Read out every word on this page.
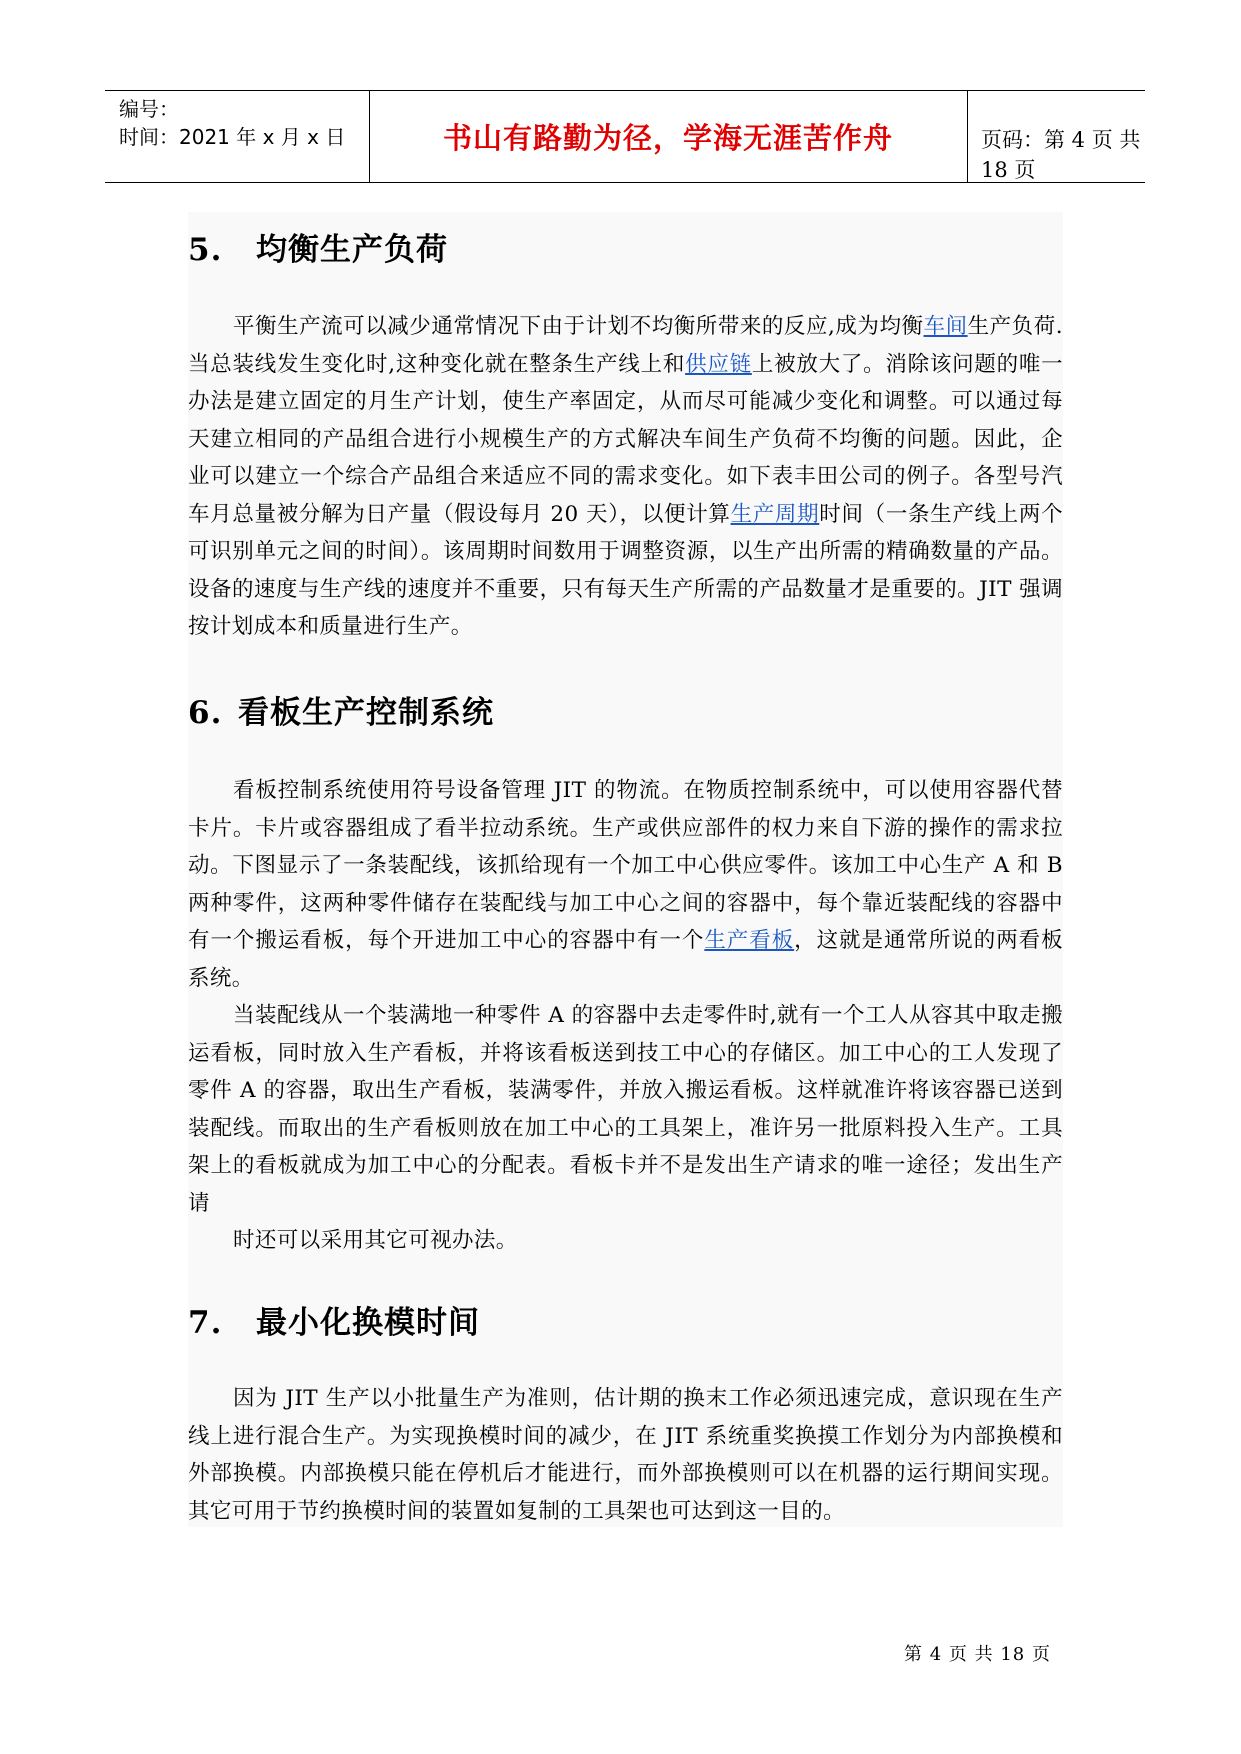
编号：
时间：2021 年 x 月 x 日	书山有路勤为径，学海无涯苦作舟	页码：第 4 页 共 18 页
5. 均衡生产负荷

平衡生产流可以减少通常情况下由于计划不均衡所带来的反应,成为均衡车间生产负荷.当总装线发生变化时,这种变化就在整条生产线上和供应链上被放大了。消除该问题的唯一办法是建立固定的月生产计划，使生产率固定，从而尽可能减少变化和调整。可以通过每天建立相同的产品组合进行小规模生产的方式解决车间生产负荷不均衡的问题。因此，企业可以建立一个综合产品组合来适应不同的需求变化。如下表丰田公司的例子。各型号汽车月总量被分解为日产量（假设每月 20 天），以便计算生产周期时间（一条生产线上两个可识别单元之间的时间）。该周期时间数用于调整资源，以生产出所需的精确数量的产品。设备的速度与生产线的速度并不重要，只有每天生产所需的产品数量才是重要的。JIT 强调按计划成本和质量进行生产。

6. 看板生产控制系统

看板控制系统使用符号设备管理 JIT 的物流。在物质控制系统中，可以使用容器代替卡片。卡片或容器组成了看半拉动系统。生产或供应部件的权力来自下游的操作的需求拉动。下图显示了一条装配线，该抓给现有一个加工中心供应零件。该加工中心生产 A 和 B 两种零件，这两种零件储存在装配线与加工中心之间的容器中，每个靠近装配线的容器中有一个搬运看板，每个开进加工中心的容器中有一个生产看板，这就是通常所说的两看板系统。

当装配线从一个装满地一种零件 A 的容器中去走零件时,就有一个工人从容其中取走搬运看板，同时放入生产看板，并将该看板送到技工中心的存储区。加工中心的工人发现了零件 A 的容器，取出生产看板，装满零件，并放入搬运看板。这样就准许将该容器已送到装配线。而取出的生产看板则放在加工中心的工具架上，准许另一批原料投入生产。工具架上的看板就成为加工中心的分配表。看板卡并不是发出生产请求的唯一途径；发出生产请

时还可以采用其它可视办法。

7. 最小化换模时间

因为 JIT 生产以小批量生产为准则，估计期的换末工作必须迅速完成，意识现在生产线上进行混合生产。为实现换模时间的减少，在 JIT 系统重奖换摸工作划分为内部换模和外部换模。内部换模只能在停机后才能进行，而外部换模则可以在机器的运行期间实现。其它可用于节约换模时间的装置如复制的工具架也可达到这一目的。

第 4 页 共 18 页
